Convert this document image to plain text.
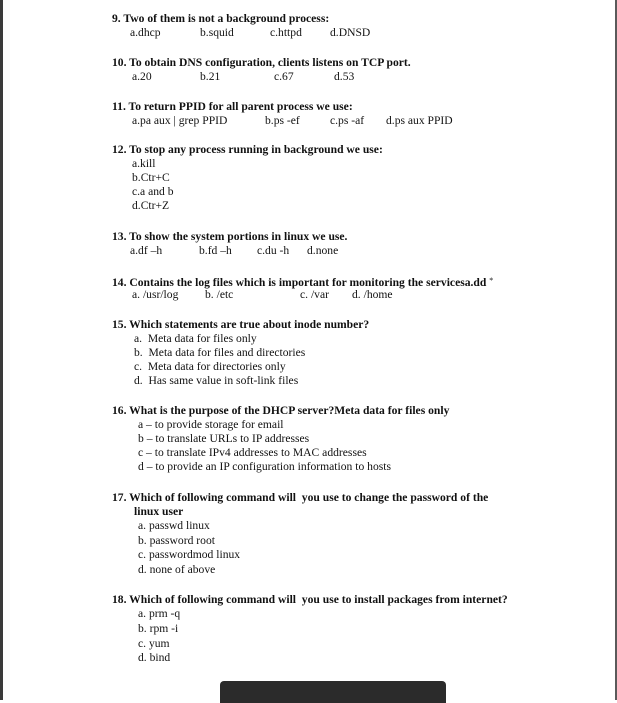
9. Two of them is not a background process:
a.dhcp	b.squid	c.httpd d.DNSD
10. To obtain DNS configuration, clients listens on TCP port.
a.20	b.21	c.67	d.53
11. To return PPID for all parent process we use:
a.pa aux | grep PPID	b.ps -ef	c.ps -af d.ps aux PPID
12. To stop any process running in background we use:
a.kill
b.Ctr+C
c.a and b
d.Ctr+Z
13. To show the system portions in linux we use.
a.df –h	b.fd –h c.du -h d.none
14. Contains the log files which is important for monitoring the servicesa.dd *
a. /usr/log b. /etc	c. /var d. /home
15. Which statements are true about inode number?
a.  Meta data for files only
b.  Meta data for files and directories
c.  Meta data for directories only
d.  Has same value in soft-link files
16. What is the purpose of the DHCP server?Meta data for files only
a – to provide storage for email
b – to translate URLs to IP addresses
c – to translate IPv4 addresses to MAC addresses
d – to provide an IP configuration information to hosts
17. Which of following command will  you use to change the password of the
linux user
a. passwd linux
b. password root
c. passwordmod linux
d. none of above
18. Which of following command will  you use to install packages from internet?
a. prm -q
b. rpm -i
c. yum
d. bind
